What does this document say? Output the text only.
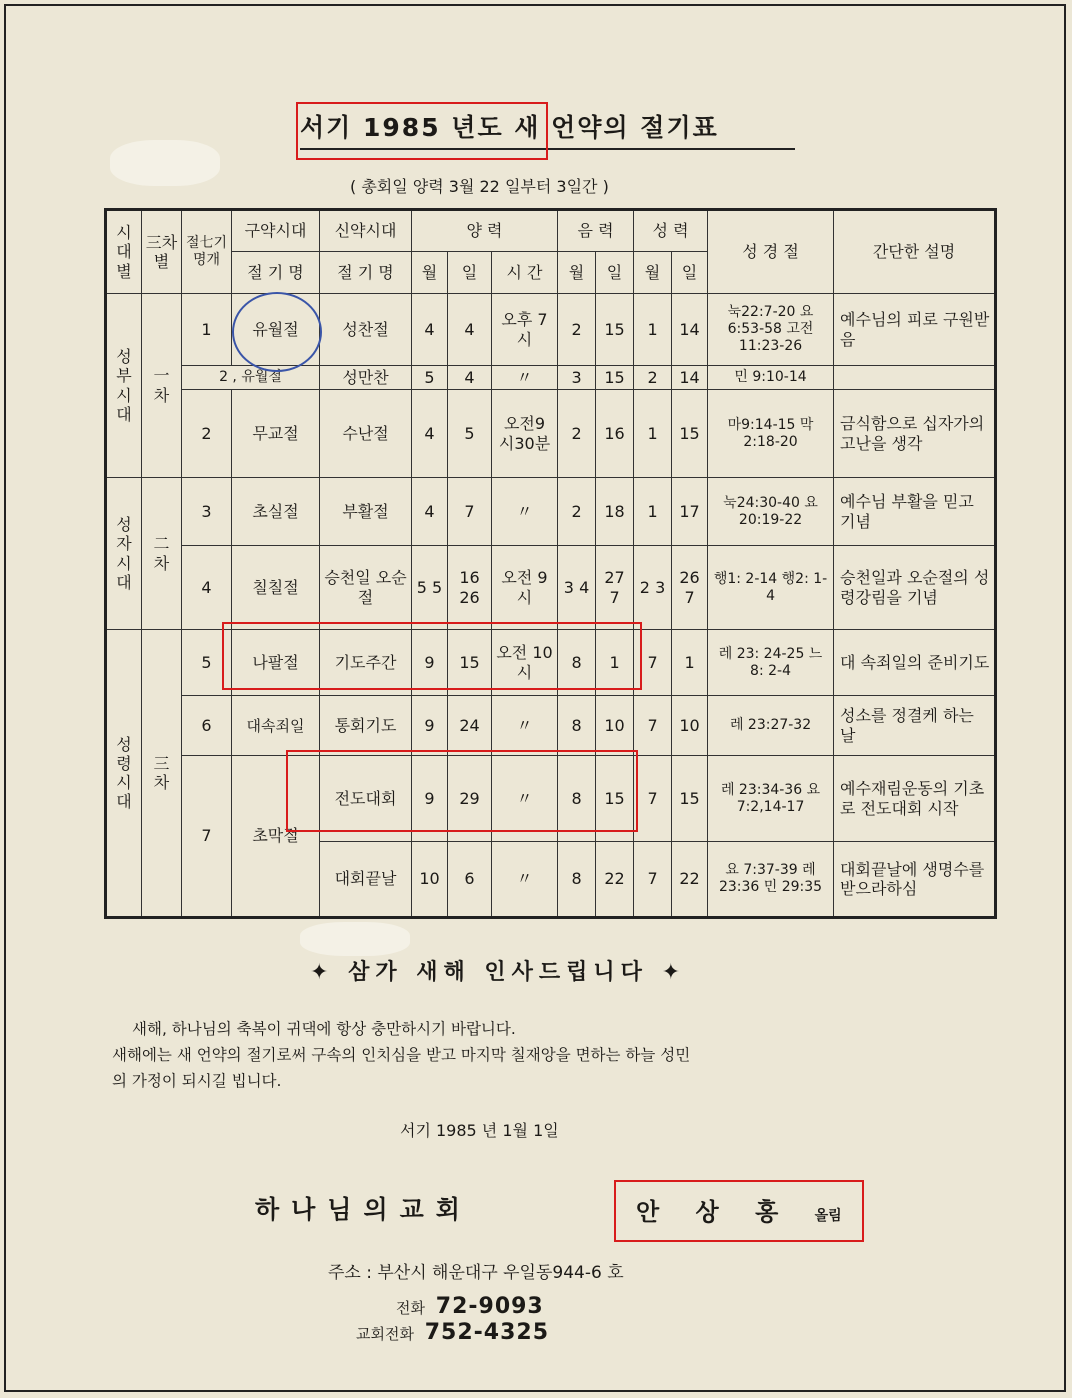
서기 1985 년도 새 언약의 절기표
( 총회일 양력 3월 22 일부터 3일간 )
시대별	三차별	절七기명개	구약시대	신약시대	양 력			음 력		성 력		성 경 절	간단한 설명
			절 기 명	절 기 명	월	일	시 간	월	일	월	일		
성부시대	一 차	1	유월절	성찬절	4	4	오후 7시	2	15	1	14	눅22:7-20 요 6:53-58 고전11:23-26	예수님의 피로 구원받음
		2 , 유월절		성만찬	5	4	〃	3	15	2	14	민 9:10-14	
		2	무교절	수난절	4	5	오전9 시30분	2	16	1	15	마9:14-15 막2:18-20	금식함으로 십자가의 고난을 생각
성자시대	二 차	3	초실절	부활절	4	7	〃	2	18	1	17	눅24:30-40 요 20:19-22	예수님 부활을 믿고 기념
		4	칠칠절	승천일 오순절	5 5	16 26	오전 9시	3 4	27 7	2 3	26 7	행1: 2-14 행2: 1-4	승천일과 오순절의 성령강림을 기념
성령시대	三 차	5	나팔절	기도주간	9	15	오전 10시	8	1	7	1	레 23: 24-25 느 8: 2-4	대 속죄일의 준비기도
		6	대속죄일	통회기도	9	24	〃	8	10	7	10	레 23:27-32	성소를 정결케 하는 날
		7	초막절	전도대회	9	29	〃	8	15	7	15	레 23:34-36 요 7:2,14-17	예수재림운동의 기초로 전도대회 시작
				대회끝날	10	6	〃	8	22	7	22	요 7:37-39 레 23:36 민 29:35	대회끝날에 생명수를 받으라하심
✦ 삼가 새해 인사드립니다 ✦

새해, 하나님의 축복이 귀댁에 항상 충만하시기 바랍니다.

새해에는 새 언약의 절기로써 구속의 인치심을 받고 마지막 칠재앙을 면하는 하늘 성민

의 가정이 되시길 빕니다.

서기 1985 년 1월 1일
하나님의교회	안 상 홍 올림
주소 : 부산시 해운대구 우일동944-6 호
전화 72-9093
교회전화 752-4325
